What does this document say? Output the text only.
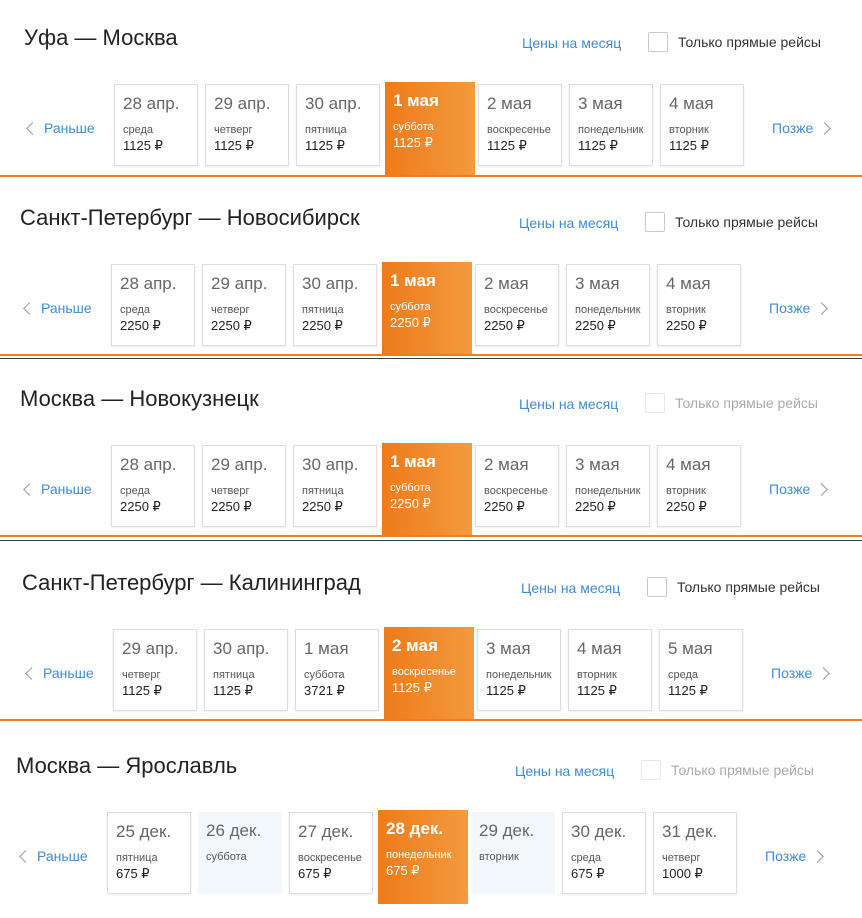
Уфа — Москва	Цены на месяц	Только прямые рейсы
Раньше
28 апр.
среда
1125 ₽
29 апр.
четверг
1125 ₽
30 апр.
пятница
1125 ₽
1 мая
суббота
1125 ₽
2 мая
воскресенье
1125 ₽
3 мая
понедельник
1125 ₽
4 мая
вторник
1125 ₽
Позже
Санкт-Петербург — Новосибирск	Цены на месяц	Только прямые рейсы
Раньше
28 апр.
среда
2250 ₽
29 апр.
четверг
2250 ₽
30 апр.
пятница
2250 ₽
1 мая
суббота
2250 ₽
2 мая
воскресенье
2250 ₽
3 мая
понедельник
2250 ₽
4 мая
вторник
2250 ₽
Позже
Москва — Новокузнецк	Цены на месяц	Только прямые рейсы
Раньше
28 апр.
среда
2250 ₽
29 апр.
четверг
2250 ₽
30 апр.
пятница
2250 ₽
1 мая
суббота
2250 ₽
2 мая
воскресенье
2250 ₽
3 мая
понедельник
2250 ₽
4 мая
вторник
2250 ₽
Позже
Санкт-Петербург — Калининград	Цены на месяц	Только прямые рейсы
Раньше
29 апр.
четверг
1125 ₽
30 апр.
пятница
1125 ₽
1 мая
суббота
3721 ₽
2 мая
воскресенье
1125 ₽
3 мая
понедельник
1125 ₽
4 мая
вторник
1125 ₽
5 мая
среда
1125 ₽
Позже
Москва — Ярославль	Цены на месяц	Только прямые рейсы
Раньше
25 дек.
пятница
675 ₽
26 дек.
суббота
27 дек.
воскресенье
675 ₽
28 дек.
понедельник
675 ₽
29 дек.
вторник
30 дек.
среда
675 ₽
31 дек.
четверг
1000 ₽
Позже
